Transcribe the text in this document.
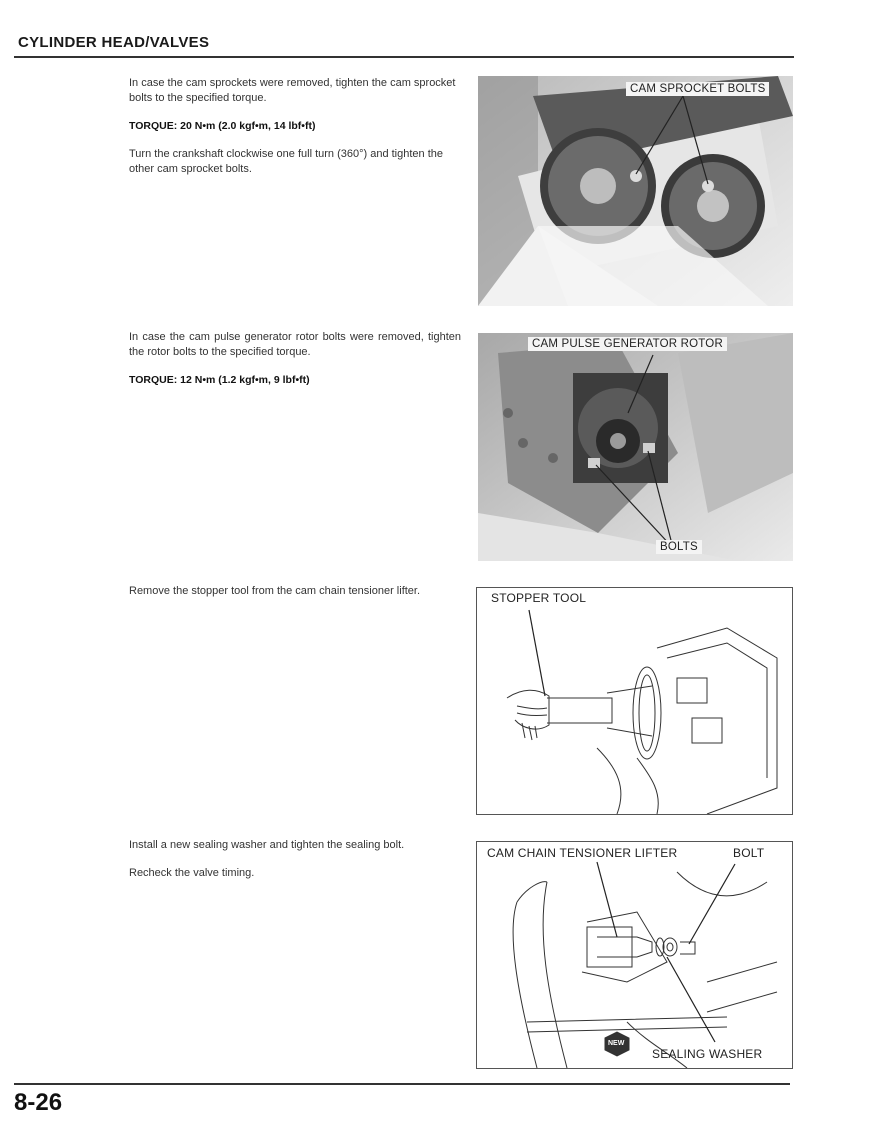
CYLINDER HEAD/VALVES

In case the cam sprockets were removed, tighten the cam sprocket bolts to the specified torque.

TORQUE: 20 N•m (2.0 kgf•m, 14 lbf•ft)

Turn the crankshaft clockwise one full turn (360°) and tighten the other cam sprocket bolts.

CAM SPROCKET BOLTS

In case the cam pulse generator rotor bolts were removed, tighten the rotor bolts to the specified torque.

TORQUE: 12 N•m (1.2 kgf•m, 9 lbf•ft)

CAM PULSE GENERATOR ROTOR
BOLTS

Remove the stopper tool from the cam chain tensioner lifter.	STOPPER TOOL

Install a new sealing washer and tighten the sealing bolt.

Recheck the valve timing.

CAM CHAIN TENSIONER LIFTER	BOLT
SEALING WASHER
NEW
8-26
